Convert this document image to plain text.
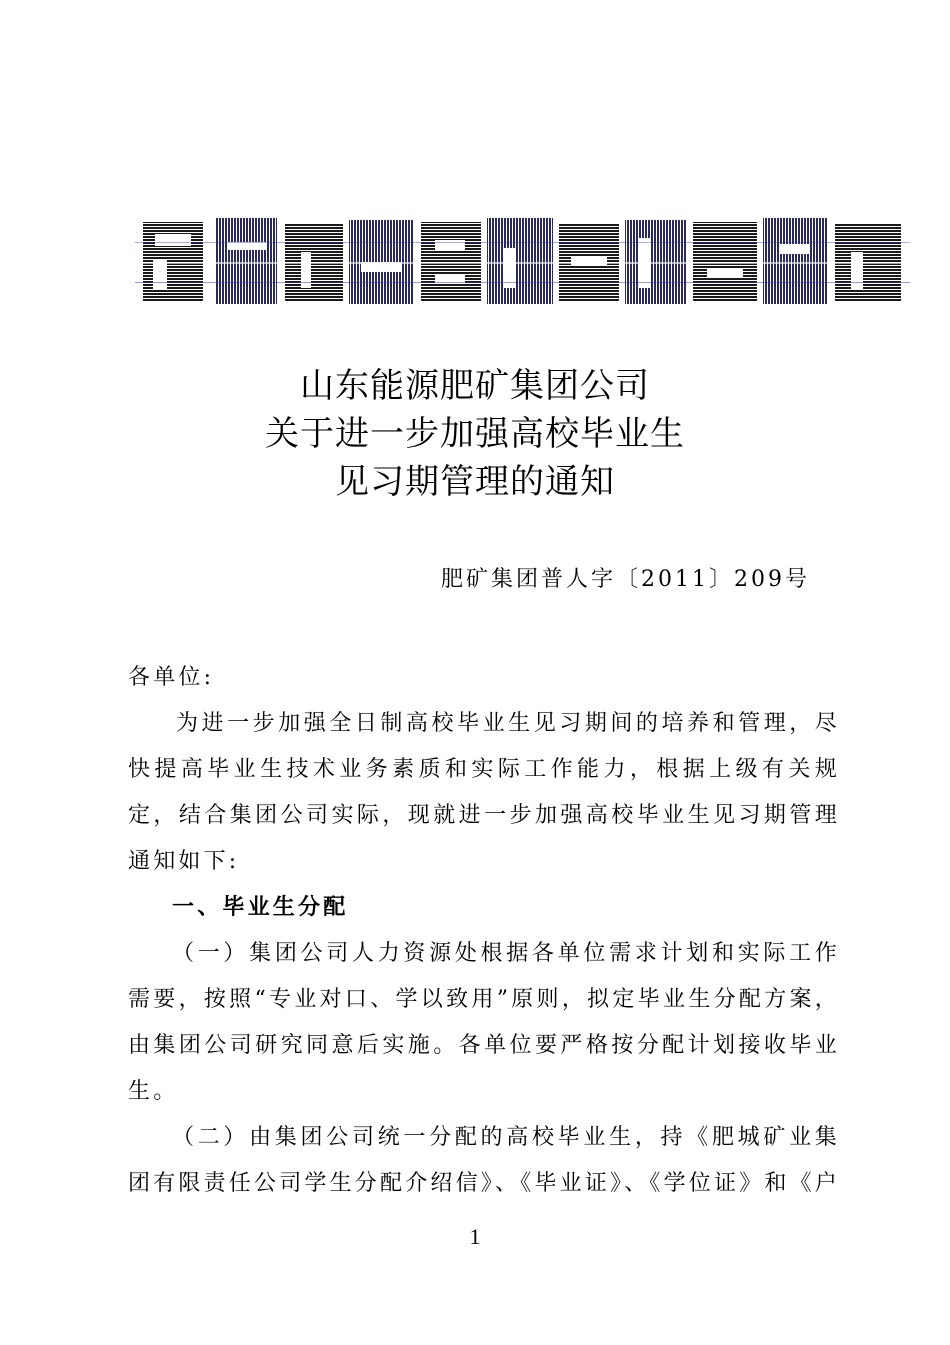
山东能源肥矿集团公司
关于进一步加强高校毕业生
见习期管理的通知
肥矿集团普人字〔2011〕209号

各单位:

为进一步加强全日制高校毕业生见习期间的培养和管理，尽快提高毕业生技术业务素质和实际工作能力，根据上级有关规定，结合集团公司实际，现就进一步加强高校毕业生见习期管理通知如下:

一、毕业生分配

（一）集团公司人力资源处根据各单位需求计划和实际工作需要，按照“专业对口、学以致用”原则，拟定毕业生分配方案，由集团公司研究同意后实施。各单位要严格按分配计划接收毕业生。

（二）由集团公司统一分配的高校毕业生，持《肥城矿业集团有限责任公司学生分配介绍信》、《毕业证》、《学位证》和《户

1
